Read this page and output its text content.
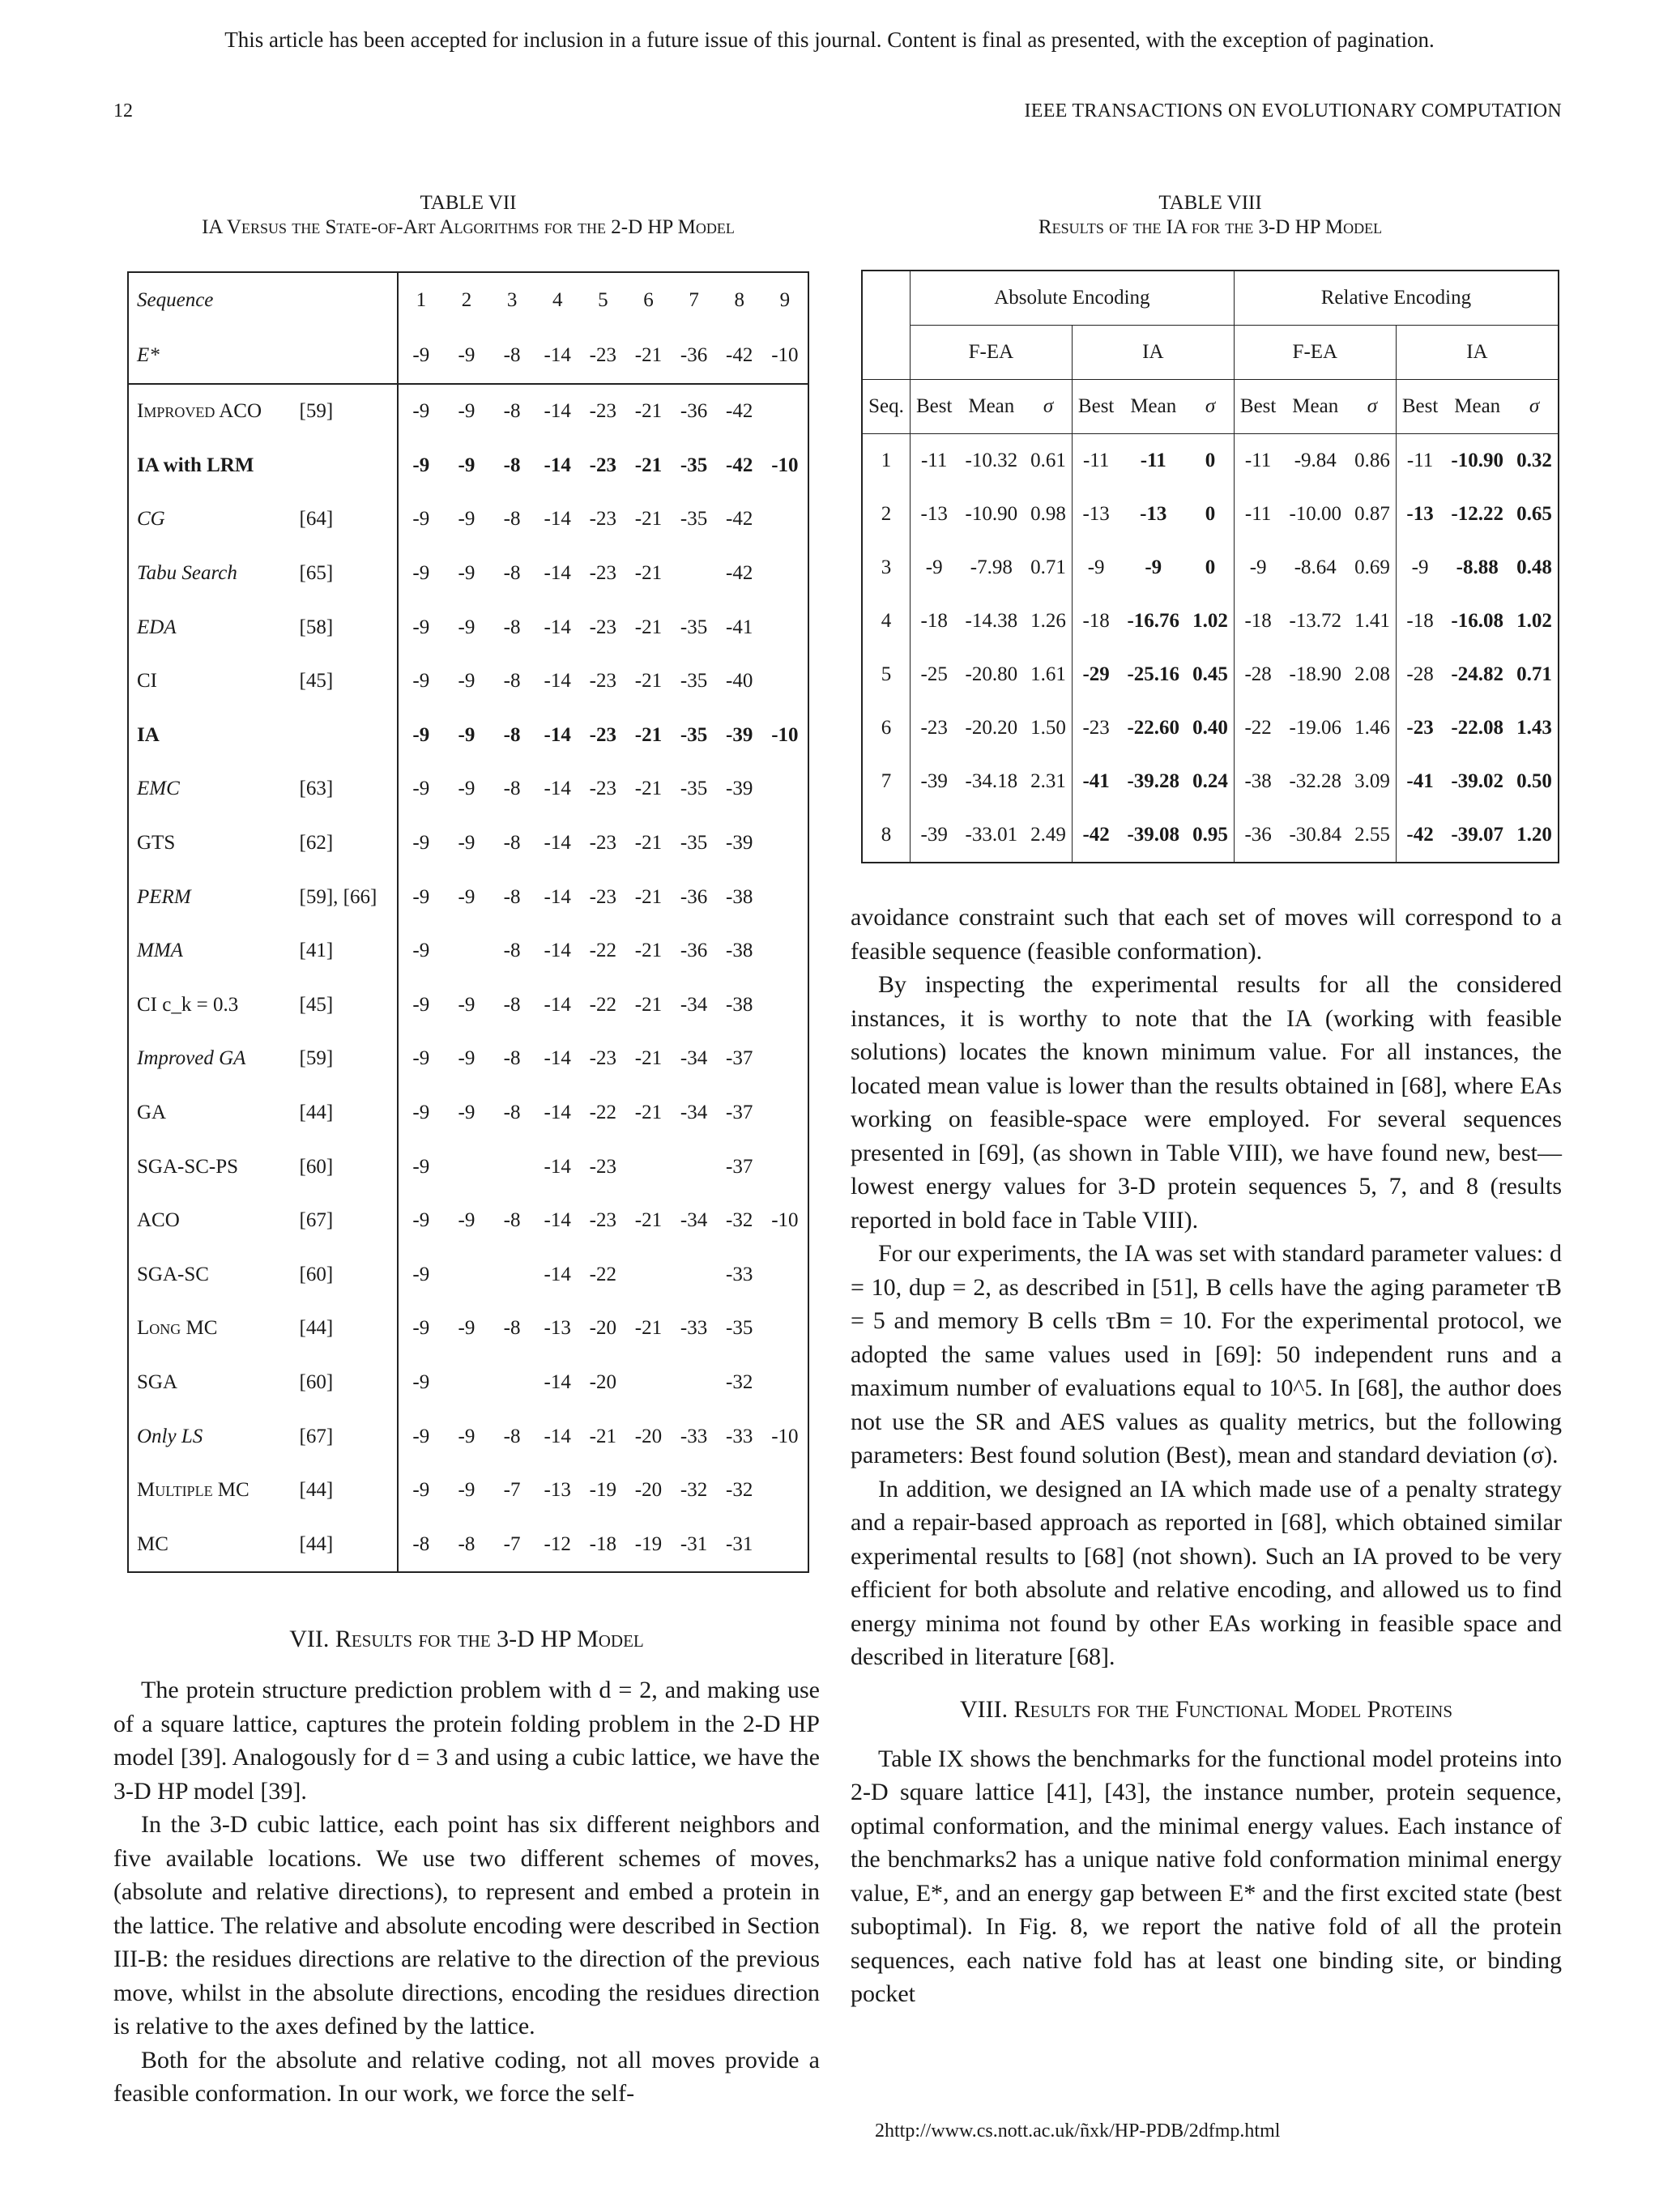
This article has been accepted for inclusion in a future issue of this journal. Content is final as presented, with the exception of pagination.
12	IEEE TRANSACTIONS ON EVOLUTIONARY COMPUTATION
TABLE VII
IA Versus the State-of-Art Algorithms for the 2-D HP Model
Sequence		1	2	3	4	5	6	7	8	9
E*		-9	-9	-8	-14	-23	-21	-36	-42	-10
Improved ACO	[59]	-9	-9	-8	-14	-23	-21	-36	-42	
IA with LRM		-9	-9	-8	-14	-23	-21	-35	-42	-10
CG	[64]	-9	-9	-8	-14	-23	-21	-35	-42	
Tabu Search	[65]	-9	-9	-8	-14	-23	-21		-42	
EDA	[58]	-9	-9	-8	-14	-23	-21	-35	-41	
CI	[45]	-9	-9	-8	-14	-23	-21	-35	-40	
IA		-9	-9	-8	-14	-23	-21	-35	-39	-10
EMC	[63]	-9	-9	-8	-14	-23	-21	-35	-39	
GTS	[62]	-9	-9	-8	-14	-23	-21	-35	-39	
PERM	[59], [66]	-9	-9	-8	-14	-23	-21	-36	-38	
MMA	[41]	-9		-8	-14	-22	-21	-36	-38	
CI c_k = 0.3	[45]	-9	-9	-8	-14	-22	-21	-34	-38	
Improved GA	[59]	-9	-9	-8	-14	-23	-21	-34	-37	
GA	[44]	-9	-9	-8	-14	-22	-21	-34	-37	
SGA-SC-PS	[60]	-9			-14	-23			-37	
ACO	[67]	-9	-9	-8	-14	-23	-21	-34	-32	-10
SGA-SC	[60]	-9			-14	-22			-33	
Long MC	[44]	-9	-9	-8	-13	-20	-21	-33	-35	
SGA	[60]	-9			-14	-20			-32	
Only LS	[67]	-9	-9	-8	-14	-21	-20	-33	-33	-10
Multiple MC	[44]	-9	-9	-7	-13	-19	-20	-32	-32	
MC	[44]	-8	-8	-7	-12	-18	-19	-31	-31	
TABLE VIII
Results of the IA for the 3-D HP Model
	Absolute Encoding						Relative Encoding					
	F-EA			IA			F-EA			IA		
Seq.	Best	Mean	σ	Best	Mean	σ	Best	Mean	σ	Best	Mean	σ
1	-11	-10.32	0.61	-11	-11	0	-11	-9.84	0.86	-11	-10.90	0.32
2	-13	-10.90	0.98	-13	-13	0	-11	-10.00	0.87	-13	-12.22	0.65
3	-9	-7.98	0.71	-9	-9	0	-9	-8.64	0.69	-9	-8.88	0.48
4	-18	-14.38	1.26	-18	-16.76	1.02	-18	-13.72	1.41	-18	-16.08	1.02
5	-25	-20.80	1.61	-29	-25.16	0.45	-28	-18.90	2.08	-28	-24.82	0.71
6	-23	-20.20	1.50	-23	-22.60	0.40	-22	-19.06	1.46	-23	-22.08	1.43
7	-39	-34.18	2.31	-41	-39.28	0.24	-38	-32.28	3.09	-41	-39.02	0.50
8	-39	-33.01	2.49	-42	-39.08	0.95	-36	-30.84	2.55	-42	-39.07	1.20
VII. Results for the 3-D HP Model

The protein structure prediction problem with d = 2, and making use of a square lattice, captures the protein folding problem in the 2-D HP model [39]. Analogously for d = 3 and using a cubic lattice, we have the 3-D HP model [39].

In the 3-D cubic lattice, each point has six different neighbors and five available locations. We use two different schemes of moves, (absolute and relative directions), to represent and embed a protein in the lattice. The relative and absolute encoding were described in Section III-B: the residues directions are relative to the direction of the previous move, whilst in the absolute directions, encoding the residues direction is relative to the axes defined by the lattice.

Both for the absolute and relative coding, not all moves provide a feasible conformation. In our work, we force the self-

avoidance constraint such that each set of moves will correspond to a feasible sequence (feasible conformation).

By inspecting the experimental results for all the considered instances, it is worthy to note that the IA (working with feasible solutions) locates the known minimum value. For all instances, the located mean value is lower than the results obtained in [68], where EAs working on feasible-space were employed. For several sequences presented in [69], (as shown in Table VIII), we have found new, best—lowest energy values for 3-D protein sequences 5, 7, and 8 (results reported in bold face in Table VIII).

For our experiments, the IA was set with standard parameter values: d = 10, dup = 2, as described in [51], B cells have the aging parameter τB = 5 and memory B cells τBm = 10. For the experimental protocol, we adopted the same values used in [69]: 50 independent runs and a maximum number of evaluations equal to 10^5. In [68], the author does not use the SR and AES values as quality metrics, but the following parameters: Best found solution (Best), mean and standard deviation (σ).

In addition, we designed an IA which made use of a penalty strategy and a repair-based approach as reported in [68], which obtained similar experimental results to [68] (not shown). Such an IA proved to be very efficient for both absolute and relative encoding, and allowed us to find energy minima not found by other EAs working in feasible space and described in literature [68].

VIII. Results for the Functional Model Proteins

Table IX shows the benchmarks for the functional model proteins into 2-D square lattice [41], [43], the instance number, protein sequence, optimal conformation, and the minimal energy values. Each instance of the benchmarks2 has a unique native fold conformation minimal energy value, E*, and an energy gap between E* and the first excited state (best suboptimal). In Fig. 8, we report the native fold of all the protein sequences, each native fold has at least one binding site, or binding pocket

2http://www.cs.nott.ac.uk/ñxk/HP-PDB/2dfmp.html
